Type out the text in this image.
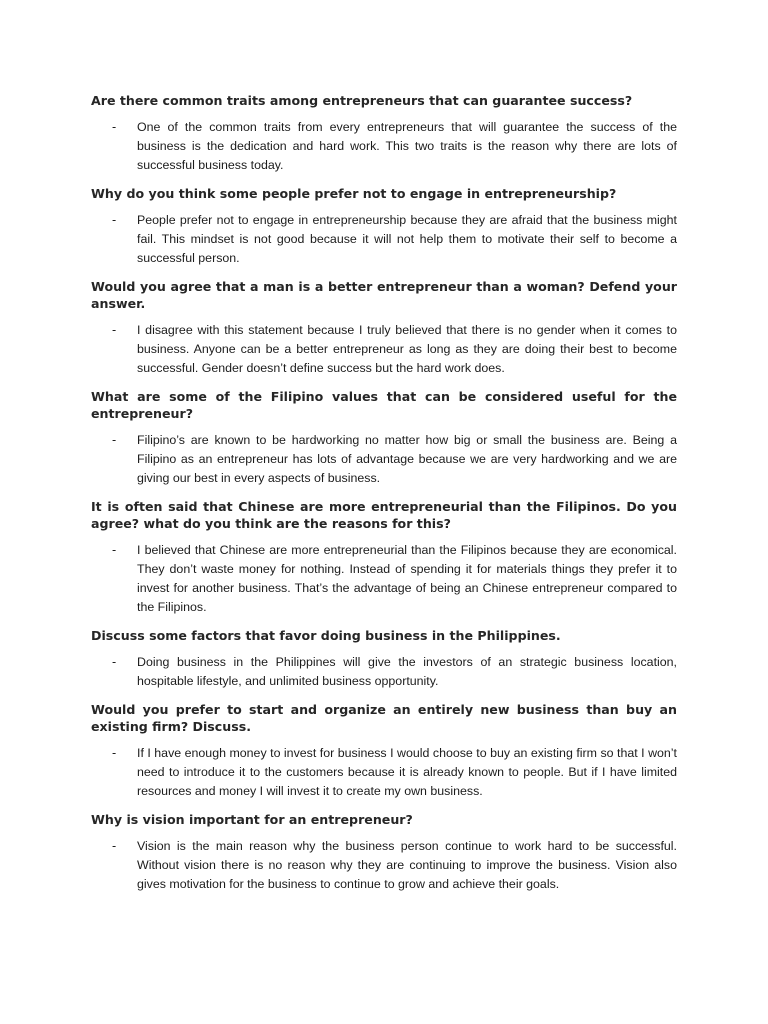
Are there common traits among entrepreneurs that can guarantee success?

-	One of the common traits from every entrepreneurs that will guarantee the success of the business is the dedication and hard work. This two traits is the reason why there are lots of successful business today.

Why do you think some people prefer not to engage in entrepreneurship?

-	People prefer not to engage in entrepreneurship because they are afraid that the business might fail. This mindset is not good because it will not help them to motivate their self to become a successful person.

Would you agree that a man is a better entrepreneur than a woman? Defend your answer.

-	I disagree with this statement because I truly believed that there is no gender when it comes to business. Anyone can be a better entrepreneur as long as they are doing their best to become successful. Gender doesn’t define success but the hard work does.

What are some of the Filipino values that can be considered useful for the entrepreneur?

-	Filipino’s are known to be hardworking no matter how big or small the business are. Being a Filipino as an entrepreneur has lots of advantage because we are very hardworking and we are giving our best in every aspects of business.

It is often said that Chinese are more entrepreneurial than the Filipinos. Do you agree? what do you think are the reasons for this?

-	I believed that Chinese are more entrepreneurial than the Filipinos because they are economical. They don’t waste money for nothing. Instead of spending it for materials things they prefer it to invest for another business. That’s the advantage of being an Chinese entrepreneur compared to the Filipinos.

Discuss some factors that favor doing business in the Philippines.

-	Doing business in the Philippines will give the investors of an strategic business location, hospitable lifestyle, and unlimited business opportunity.

Would you prefer to start and organize an entirely new business than buy an existing firm? Discuss.

-	If I have enough money to invest for business I would choose to buy an existing firm so that I won’t need to introduce it to the customers because it is already known to people. But if I have limited resources and money I will invest it to create my own business.

Why is vision important for an entrepreneur?

-	Vision is the main reason why the business person continue to work hard to be successful. Without vision there is no reason why they are continuing to improve the business. Vision also gives motivation for the business to continue to grow and achieve their goals.
